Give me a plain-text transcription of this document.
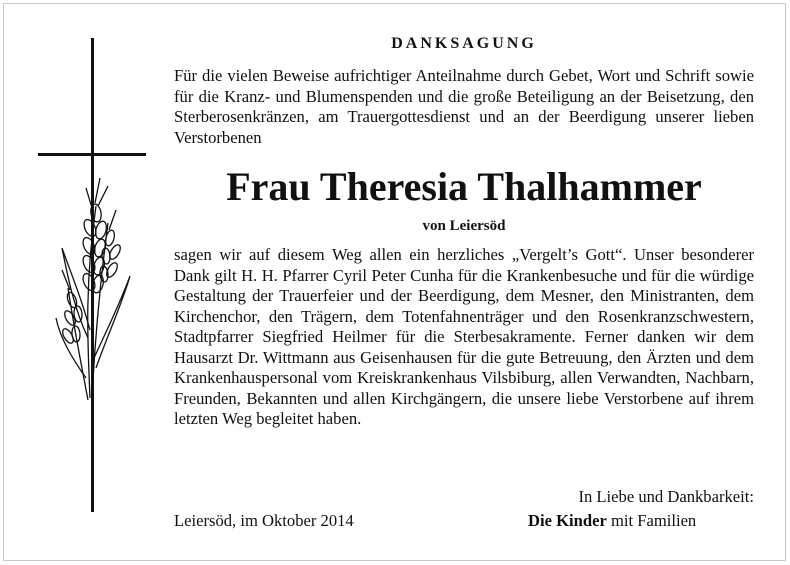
DANKSAGUNG
Für die vielen Beweise aufrichtiger Anteilnahme durch Gebet, Wort und Schrift sowie für die Kranz- und Blumenspenden und die große Beteiligung an der Beisetzung, den Sterberosenkränzen, am Trauergottesdienst und an der Beerdigung unserer lieben Verstorbenen
Frau Theresia Thalhammer
von Leiersöd
sagen wir auf diesem Weg allen ein herzliches „Vergelt’s Gott“. Unser besonderer Dank gilt H. H. Pfarrer Cyril Peter Cunha für die Krankenbesuche und für die würdige Gestaltung der Trauerfeier und der Beerdigung, dem Mesner, den Ministranten, dem Kirchenchor, den Trägern, dem Totenfahnenträger und den Rosenkranzschwestern, Stadtpfarrer Siegfried Heilmer für die Sterbesakramente. Ferner danken wir dem Hausarzt Dr. Wittmann aus Geisenhausen für die gute Betreuung, den Ärzten und dem Krankenhauspersonal vom Kreiskrankenhaus Vilsbiburg, allen Verwandten, Nachbarn, Freunden, Bekannten und allen Kirchgängern, die unsere liebe Verstorbene auf ihrem letzten Weg begleitet haben.
In Liebe und Dankbarkeit:
Leiersöd, im Oktober 2014	Die Kinder mit Familien
